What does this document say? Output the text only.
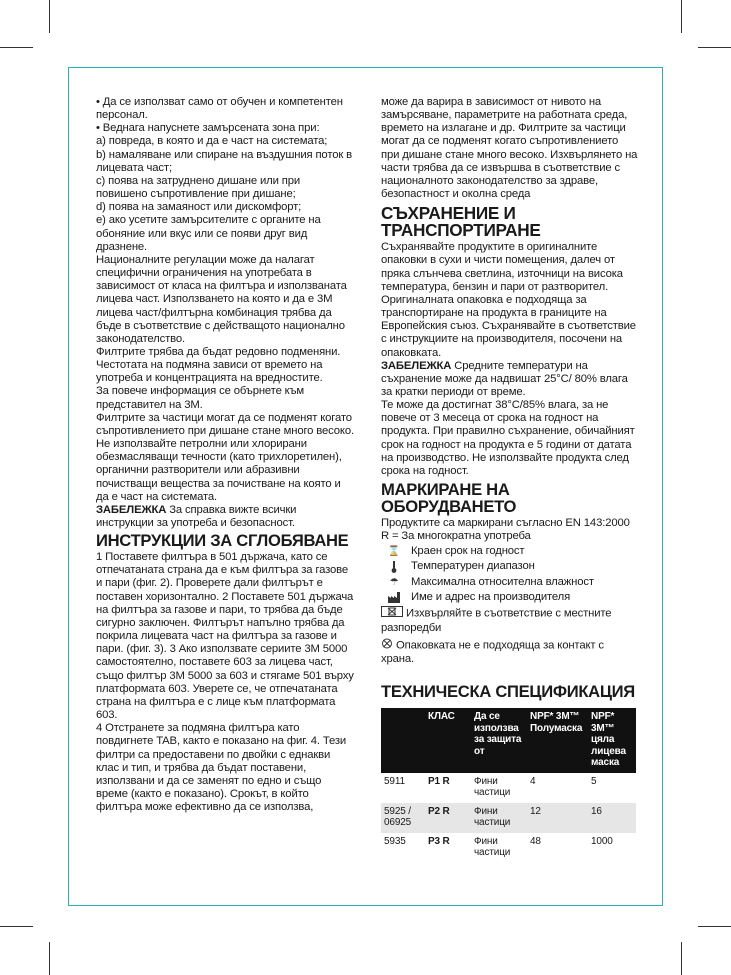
• Да се използват само от обучен и компетентен персонал.

• Веднага напуснете замърсената зона при:

а) повреда, в която и да е част на системата;

b) намаляване или спиране на въздушния поток в лицевата част;

c) поява на затруднено дишане или при повишено съпротивление при дишане;

d) поява на замаяност или дискомфорт;

e) ако усетите замърсителите с органите на обоняние или вкус или се появи друг вид дразнене.

Националните регулации може да налагат специфични ограничения на употребата в зависимост от класа на филтъра и използваната лицева част. Използването на която и да е 3M лицева част/филтърна комбинация трябва да бъде в съответствие с действащото национално законодателство.

Филтрите трябва да бъдат редовно подменяни. Честотата на подмяна зависи от времето на употреба и концентрацията на вредностите.

За повече информация се обърнете към представител на 3M.

Филтрите за частици могат да се подменят когато съпротивлението при дишане стане много весоко.

Не използвайте петролни или хлорирани обезмасляващи течности (като трихлоретилен), органични разтворители или абразивни почистващи вещества за почистване на която и да е част на системата.

ЗАБЕЛЕЖКА За справка вижте всички инструкции за употреба и безопасност.

ИНСТРУКЦИИ ЗА СГЛОБЯВАНЕ

1 Поставете филтъра в 501 държача, като се отпечатаната страна да е към филтъра за газове и пари (фиг. 2). Проверете дали филтърът е поставен хоризонтално. 2 Поставете 501 държача на филтъра за газове и пари, то трябва да бъде сигурно заключен. Филтърът напълно трябва да покрила лицевата част на филтъра за газове и пари. (фиг. 3). 3 Ако използвате сериите 3M 5000 самостоятелно, поставете 603 за лицева част, също филтър 3M 5000 за 603 и стягаме 501 върху платформата 603. Уверете се, че отпечатаната страна на филтъра е с лице към платформата 603.

4 Отстранете за подмяна филтъра като повдигнете TAB, както е показано на фиг. 4. Тези филтри са предоставени по двойки с еднакви клас и тип, и трябва да бъдат поставени, използвани и да се заменят по едно и също време (както е показано). Срокът, в който филтъра може ефективно да се използва,

може да варира в зависимост от нивото на замърсяване, параметрите на работната среда, времето на излагане и др. Филтрите за частици могат да се подменят когато съпротивлението при дишане стане много весоко. Изхвърлянето на части трябва да се извършва в съответствие с националното законодателство за здраве, безопастност и околна среда

СЪХРАНЕНИЕ И ТРАНСПОРТИРАНЕ

Съхранявайте продуктите в оригиналните опаковки в сухи и чисти помещения, далеч от пряка слънчева светлина, източници на висока температура, бензин и пари от разтворител. Оригиналната опаковка е подходяща за транспортиране на продукта в границите на Европейския съюз. Съхранявайте в съответствие с инструкциите на производителя, посочени на опаковката.

ЗАБЕЛЕЖКА Средните температури на съхранение може да надвишат 25°C/ 80% влага за кратки периоди от време.

Те може да достигнат 38°C/85% влага, за не повече от 3 месеца от срока на годност на продукта. При правилно съхранение, обичайният срок на годност на продукта е 5 години от датата на производство. Не използвайте продукта след срока на годност.

МАРКИРАНЕ НА ОБОРУДВАНЕТО

Продуктите са маркирани съгласно EN 143:2000 R = За многократна употреба

⌛ Краен срок на годност
Температурен диапазон
☂ Максимална относителна влажност
Име и адрес на производителя

Изхвърляйте в съответствие с местните разпоредби

Опаковката не е подходяща за контакт с храна.

ТЕХНИЧЕСКА СПЕЦИФИКАЦИЯ

	КЛАС	Да се използва за защита от	NPF* 3M™ Полумаска	NPF* 3M™ цяла лицева маска
5911	P1 R	Фини частици	4	5
5925 / 06925	P2 R	Фини частици	12	16
5935	P3 R	Фини частици	48	1000
